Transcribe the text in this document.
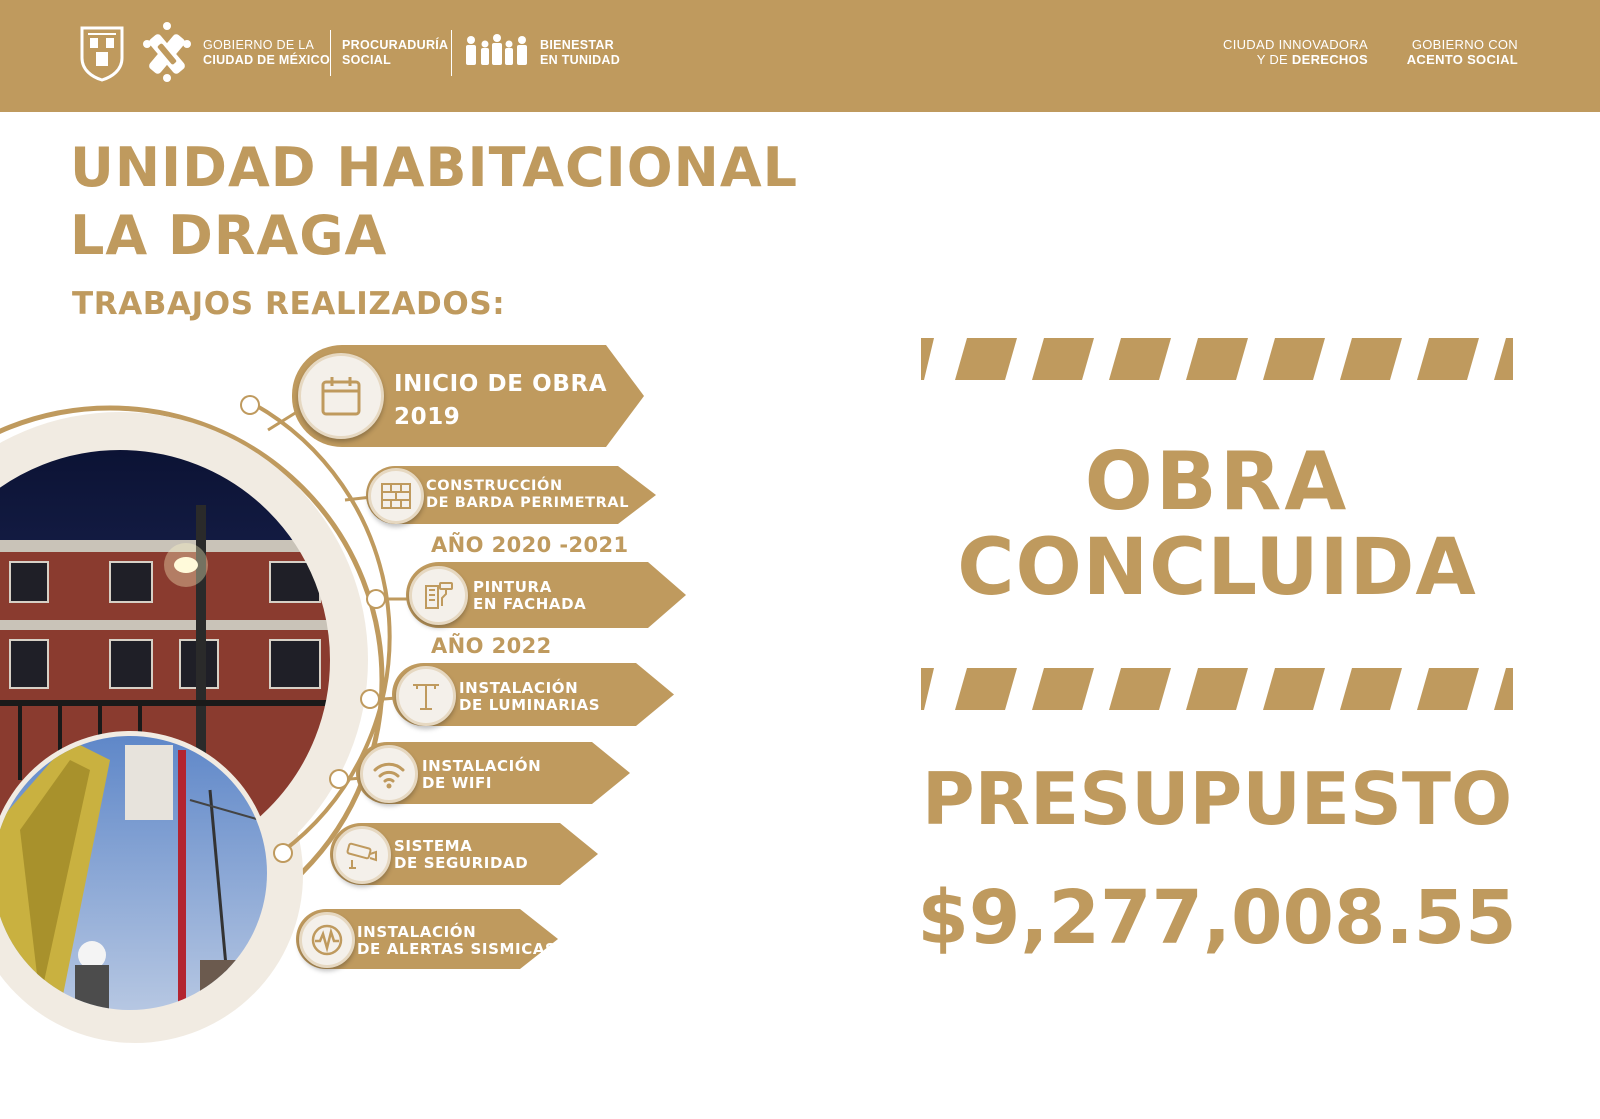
GOBIERNO DE LA
CIUDAD DE MÉXICO
PROCURADURÍA
SOCIAL
BIENESTAR
EN TUNIDAD
CIUDAD INNOVADORA
Y DE DERECHOS
GOBIERNO CON
ACENTO SOCIAL
UNIDAD HABITACIONAL
LA DRAGA
TRABAJOS REALIZADOS:
INICIO DE OBRA
2019
CONSTRUCCIÓN
DE BARDA PERIMETRAL
AÑO 2020 -2021
PINTURA
EN FACHADA
AÑO 2022
INSTALACIÓN
DE LUMINARIAS
INSTALACIÓN
DE WIFI
SISTEMA
DE SEGURIDAD
INSTALACIÓN
DE ALERTAS SISMICAS
OBRA
CONCLUIDA
PRESUPUESTO
$9,277,008.55
